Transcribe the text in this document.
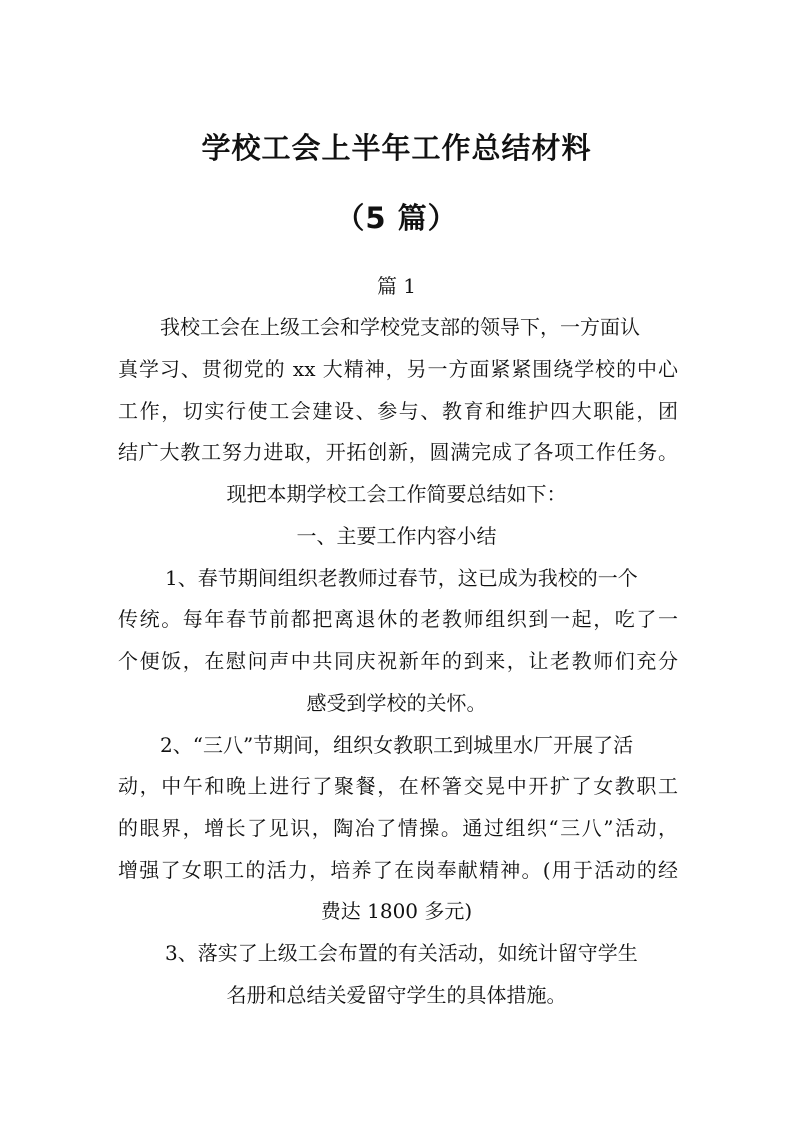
学校工会上半年工作总结材料
（5 篇）

篇 1

我校工会在上级工会和学校党支部的领导下，一方面认

真学习、贯彻党的 xx 大精神，另一方面紧紧围绕学校的中心

工作，切实行使工会建设、参与、教育和维护四大职能，团

结广大教工努力进取，开拓创新，圆满完成了各项工作任务。

现把本期学校工会工作简要总结如下：

一、主要工作内容小结

1、春节期间组织老教师过春节，这已成为我校的一个

传统。每年春节前都把离退休的老教师组织到一起，吃了一

个便饭，在慰问声中共同庆祝新年的到来，让老教师们充分

感受到学校的关怀。

2、“三八”节期间，组织女教职工到城里水厂开展了活

动，中午和晚上进行了聚餐，在杯箸交晃中开扩了女教职工

的眼界，增长了见识，陶冶了情操。通过组织“三八”活动，

增强了女职工的活力，培养了在岗奉献精神。(用于活动的经

费达 1800 多元)

3、落实了上级工会布置的有关活动，如统计留守学生

名册和总结关爱留守学生的具体措施。
